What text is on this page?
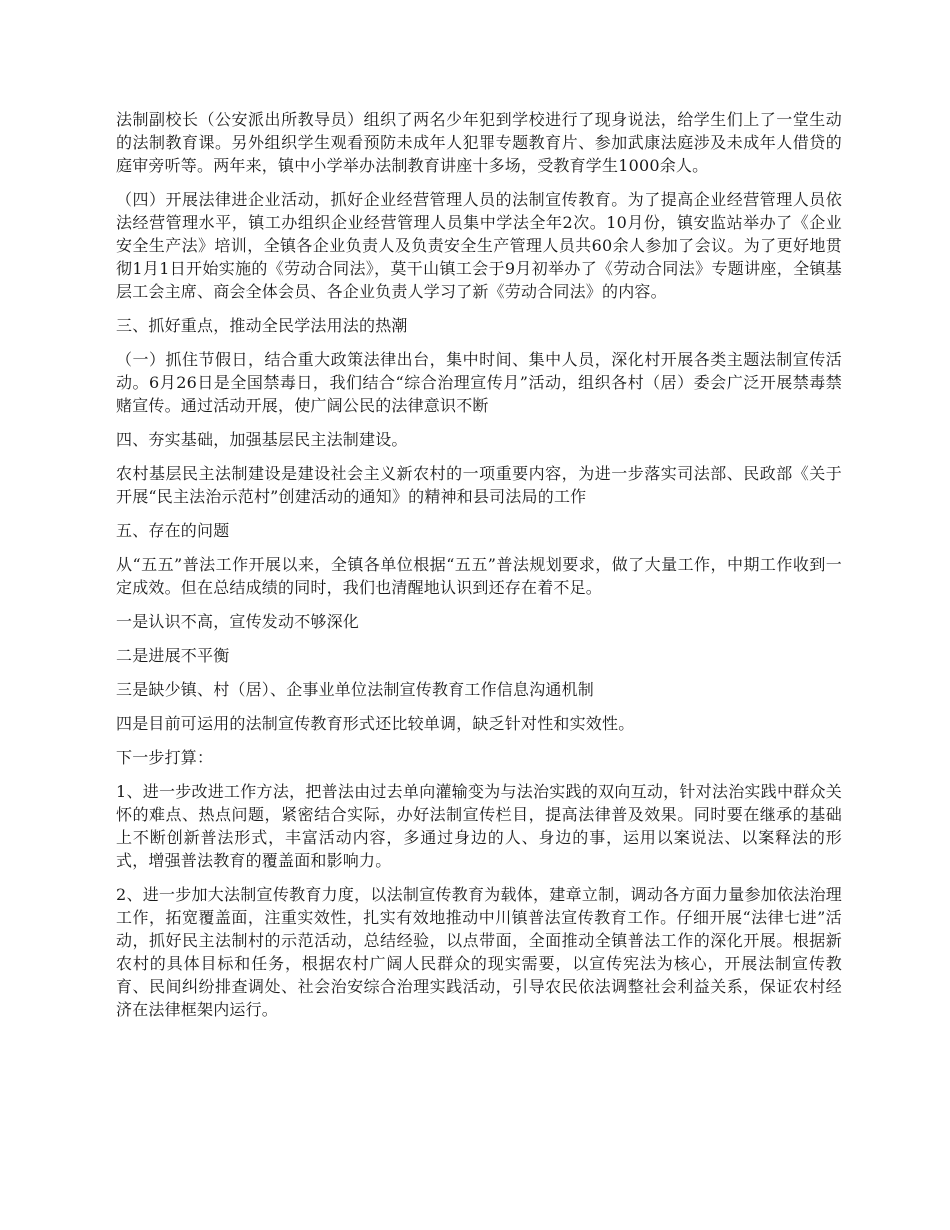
法制副校长（公安派出所教导员）组织了两名少年犯到学校进行了现身说法，给学生们上了一堂生动的法制教育课。另外组织学生观看预防未成年人犯罪专题教育片、参加武康法庭涉及未成年人借贷的庭审旁听等。两年来，镇中小学举办法制教育讲座十多场，受教育学生1000余人。

（四）开展法律进企业活动，抓好企业经营管理人员的法制宣传教育。为了提高企业经营管理人员依法经营管理水平，镇工办组织企业经营管理人员集中学法全年2次。10月份，镇安监站举办了《企业安全生产法》培训，全镇各企业负责人及负责安全生产管理人员共60余人参加了会议。为了更好地贯彻1月1日开始实施的《劳动合同法》，莫干山镇工会于9月初举办了《劳动合同法》专题讲座，全镇基层工会主席、商会全体会员、各企业负责人学习了新《劳动合同法》的内容。

三、抓好重点，推动全民学法用法的热潮

（一）抓住节假日，结合重大政策法律出台，集中时间、集中人员，深化村开展各类主题法制宣传活动。6月26日是全国禁毒日，我们结合“综合治理宣传月”活动，组织各村（居）委会广泛开展禁毒禁赌宣传。通过活动开展，使广阔公民的法律意识不断

四、夯实基础，加强基层民主法制建设。

农村基层民主法制建设是建设社会主义新农村的一项重要内容，为进一步落实司法部、民政部《关于开展“民主法治示范村”创建活动的通知》的精神和县司法局的工作

五、存在的问题

从“五五”普法工作开展以来，全镇各单位根据“五五”普法规划要求，做了大量工作，中期工作收到一定成效。但在总结成绩的同时，我们也清醒地认识到还存在着不足。

一是认识不高，宣传发动不够深化

二是进展不平衡

三是缺少镇、村（居）、企事业单位法制宣传教育工作信息沟通机制

四是目前可运用的法制宣传教育形式还比较单调，缺乏针对性和实效性。

下一步打算：

1、进一步改进工作方法，把普法由过去单向灌输变为与法治实践的双向互动，针对法治实践中群众关怀的难点、热点问题，紧密结合实际，办好法制宣传栏目，提高法律普及效果。同时要在继承的基础上不断创新普法形式，丰富活动内容，多通过身边的人、身边的事，运用以案说法、以案释法的形式，增强普法教育的覆盖面和影响力。

2、进一步加大法制宣传教育力度，以法制宣传教育为载体，建章立制，调动各方面力量参加依法治理工作，拓宽覆盖面，注重实效性，扎实有效地推动中川镇普法宣传教育工作。仔细开展“法律七进”活动，抓好民主法制村的示范活动，总结经验，以点带面，全面推动全镇普法工作的深化开展。根据新农村的具体目标和任务，根据农村广阔人民群众的现实需要，以宣传宪法为核心，开展法制宣传教育、民间纠纷排查调处、社会治安综合治理实践活动，引导农民依法调整社会利益关系，保证农村经济在法律框架内运行。
